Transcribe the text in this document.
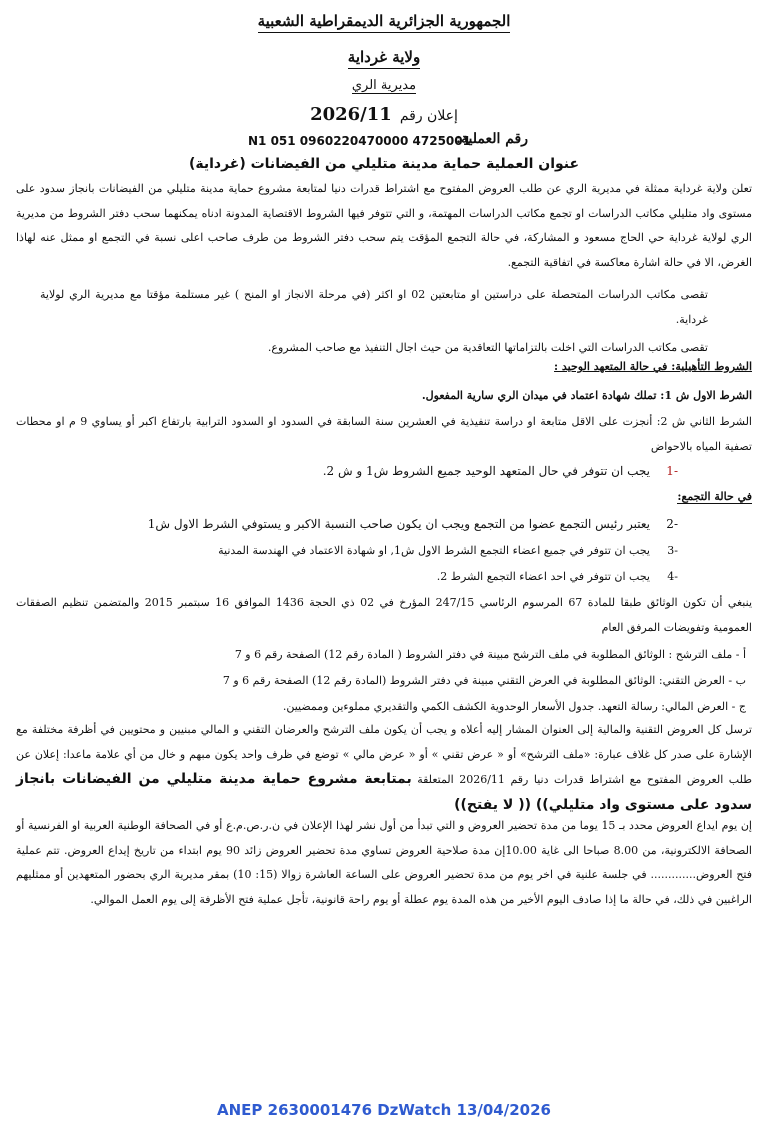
الجمهورية الجزائرية الديمقراطية الشعبية
ولاية غرداية
مديرية الري
إعلان رقم2026/11
رقم العملية:
N1 051 0960220470000 4725001
عنوان العملية حماية مدينة متليلي من الفيضانات (غرداية)
تعلن ولاية غرداية ممثلة في مديرية الري عن طلب العروض المفتوح مع اشتراط قدرات دنيا لمتابعة مشروع حماية مدينة متليلي من الفيضانات بانجاز سدود على مستوى واد متليلي مكاتب الدراسات او تجمع مكاتب الدراسات المهتمة، و التي تتوفر فيها الشروط الاقتصاية المدونة ادناه يمكنهما سحب دفتر الشروط من مديرية الري لولاية غرداية حي الحاج مسعود و المشاركة، في حالة التجمع المؤقت يتم سحب دفتر الشروط من طرف صاحب اعلى نسبة في التجمع او ممثل عنه لهاذا الغرض، الا في حالة اشارة معاكسة في اتفاقية التجمع.
تقصى مكاتب الدراسات المتحصلة على دراستين او متابعتين 02 او اكثر (في مرحلة الانجاز او المنح ) غير مستلمة مؤقتا مع مديرية الري لولاية غرداية.
تقصى مكاتب الدراسات التي اخلت بالتزاماتها التعاقدية من حيث اجال التنفيذ مع صاحب المشروع.
الشروط التأهيلية: في حالة المتعهد الوحيد :
الشرط الاول ش 1: تملك شهادة اعتماد في ميدان الري سارية المفعول.
الشرط الثاني ش 2: أنجزت على الاقل متابعة او دراسة تنفيذية في العشرين سنة السابقة في السدود او السدود الترابية بارتفاع اكبر أو يساوي 9 م او محطات تصفية المياه بالاحواض
-1يجب ان تتوفر في حال المتعهد الوحيد جميع الشروط ش1 و ش 2.
في حالة التجمع:
-2يعتبر رئيس التجمع عضوا من التجمع ويجب ان يكون صاحب النسبة الاكبر و يستوفي الشرط الاول ش1
-3يجب ان تتوفر في جميع اعضاء التجمع الشرط الاول ش1, او شهادة الاعتماد في الهندسة المدنية
-4يجب ان تتوفر في احد اعضاء التجمع الشرط 2.
ينبغي أن تكون الوثائق طبقا للمادة 67 المرسوم الرئاسي 247/15 المؤرخ في 02 ذي الحجة 1436 الموافق 16 سبتمبر 2015 والمتضمن تنظيم الصفقات العمومية وتفويضات المرفق العام
أ - ملف الترشح : الوثائق المطلوبة في ملف الترشح مبينة في دفتر الشروط ( المادة رقم 12) الصفحة رقم 6 و 7
ب - العرض التقني: الوثائق المطلوبة في العرض التقني مبينة في دفتر الشروط (المادة رقم 12) الصفحة رقم 6 و 7
ج - العرض المالي: رسالة التعهد. جدول الأسعار الوحدوية الكشف الكمي والتقديري مملوءين وممضيين.
ترسل كل العروض التقنية والمالية إلى العنوان المشار إليه أعلاه و يجب أن يكون ملف الترشح والعرضان التقني و المالي مبنيين و محتويين في أظرفة مختلفة مع الإشارة على صدر كل غلاف عبارة: «ملف الترشح» أو « عرض تقني » أو « عرض مالي » توضع في ظرف واحد يكون مبهم و خال من أي علامة ماعدا: إعلان عن طلب العروض المفتوح مع اشتراط قدرات دنيا رقم 2026/11 المتعلقة بمتابعة مشروع حماية مدينة متليلي من الفيضانات بانجاز سدود على مستوى واد متليلي)) (( لا يفتح))
إن يوم ايداع العروض محدد بـ 15 يوما من مدة تحضير العروض و التي تبدأ من أول نشر لهذا الإعلان في ن.ر.ص.م.ع أو في الصحافة الوطنية العربية او الفرنسية أو الصحافة الالكترونية، من 8.00 صباحا الى غاية 10.00إن مدة صلاحية العروض تساوي مدة تحضير العروض زائد 90 يوم ابتداء من تاريخ إيداع العروض. تتم عملية فتح العروض............. في جلسة علنية في اخر يوم من مدة تحضير العروض على الساعة العاشرة زوالا (15: 10) بمقر مديرية الري بحضور المتعهدين أو ممثليهم الراغبين في ذلك، في حالة ما إذا صادف اليوم الأخير من هذه المدة يوم عطلة أو يوم راحة قانونية، تأجل عملية فتح الأظرفة إلى يوم العمل الموالي.
ANEP 2630001476 DzWatch 13/04/2026
